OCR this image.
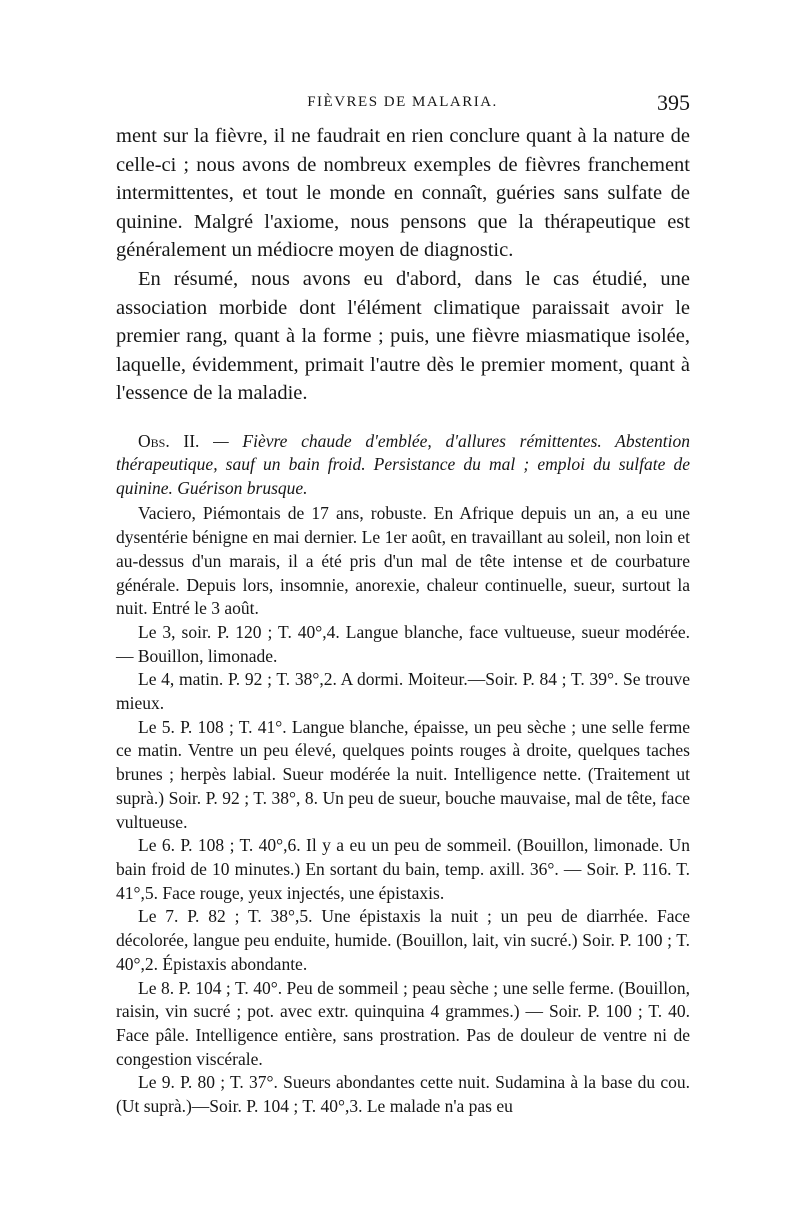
FIÈVRES DE MALARIA.	395

ment sur la fièvre, il ne faudrait en rien conclure quant à la nature de celle-ci ; nous avons de nombreux exemples de fièvres franchement intermittentes, et tout le monde en connaît, guéries sans sulfate de quinine. Malgré l'axiome, nous pensons que la thérapeutique est généralement un médiocre moyen de diagnostic.

En résumé, nous avons eu d'abord, dans le cas étudié, une association morbide dont l'élément climatique paraissait avoir le premier rang, quant à la forme ; puis, une fièvre miasmatique isolée, laquelle, évidemment, primait l'autre dès le premier moment, quant à l'essence de la maladie.

Obs. II. — Fièvre chaude d'emblée, d'allures rémittentes. Abstention thérapeutique, sauf un bain froid. Persistance du mal ; emploi du sulfate de quinine. Guérison brusque.

Vaciero, Piémontais de 17 ans, robuste. En Afrique depuis un an, a eu une dysentérie bénigne en mai dernier. Le 1er août, en travaillant au soleil, non loin et au-dessus d'un marais, il a été pris d'un mal de tête intense et de courbature générale. Depuis lors, insomnie, anorexie, chaleur continuelle, sueur, surtout la nuit. Entré le 3 août.

Le 3, soir. P. 120 ; T. 40°,4. Langue blanche, face vultueuse, sueur modérée. — Bouillon, limonade.

Le 4, matin. P. 92 ; T. 38°,2. A dormi. Moiteur.—Soir. P. 84 ; T. 39°. Se trouve mieux.

Le 5. P. 108 ; T. 41°. Langue blanche, épaisse, un peu sèche ; une selle ferme ce matin. Ventre un peu élevé, quelques points rouges à droite, quelques taches brunes ; herpès labial. Sueur modérée la nuit. Intelligence nette. (Traitement ut suprà.) Soir. P. 92 ; T. 38°, 8. Un peu de sueur, bouche mauvaise, mal de tête, face vultueuse.

Le 6. P. 108 ; T. 40°,6. Il y a eu un peu de sommeil. (Bouillon, limonade. Un bain froid de 10 minutes.) En sortant du bain, temp. axill. 36°. — Soir. P. 116. T. 41°,5. Face rouge, yeux injectés, une épistaxis.

Le 7. P. 82 ; T. 38°,5. Une épistaxis la nuit ; un peu de diarrhée. Face décolorée, langue peu enduite, humide. (Bouillon, lait, vin sucré.) Soir. P. 100 ; T. 40°,2. Épistaxis abondante.

Le 8. P. 104 ; T. 40°. Peu de sommeil ; peau sèche ; une selle ferme. (Bouillon, raisin, vin sucré ; pot. avec extr. quinquina 4 grammes.) — Soir. P. 100 ; T. 40. Face pâle. Intelligence entière, sans prostration. Pas de douleur de ventre ni de congestion viscérale.

Le 9. P. 80 ; T. 37°. Sueurs abondantes cette nuit. Sudamina à la base du cou. (Ut suprà.)—Soir. P. 104 ; T. 40°,3. Le malade n'a pas eu
